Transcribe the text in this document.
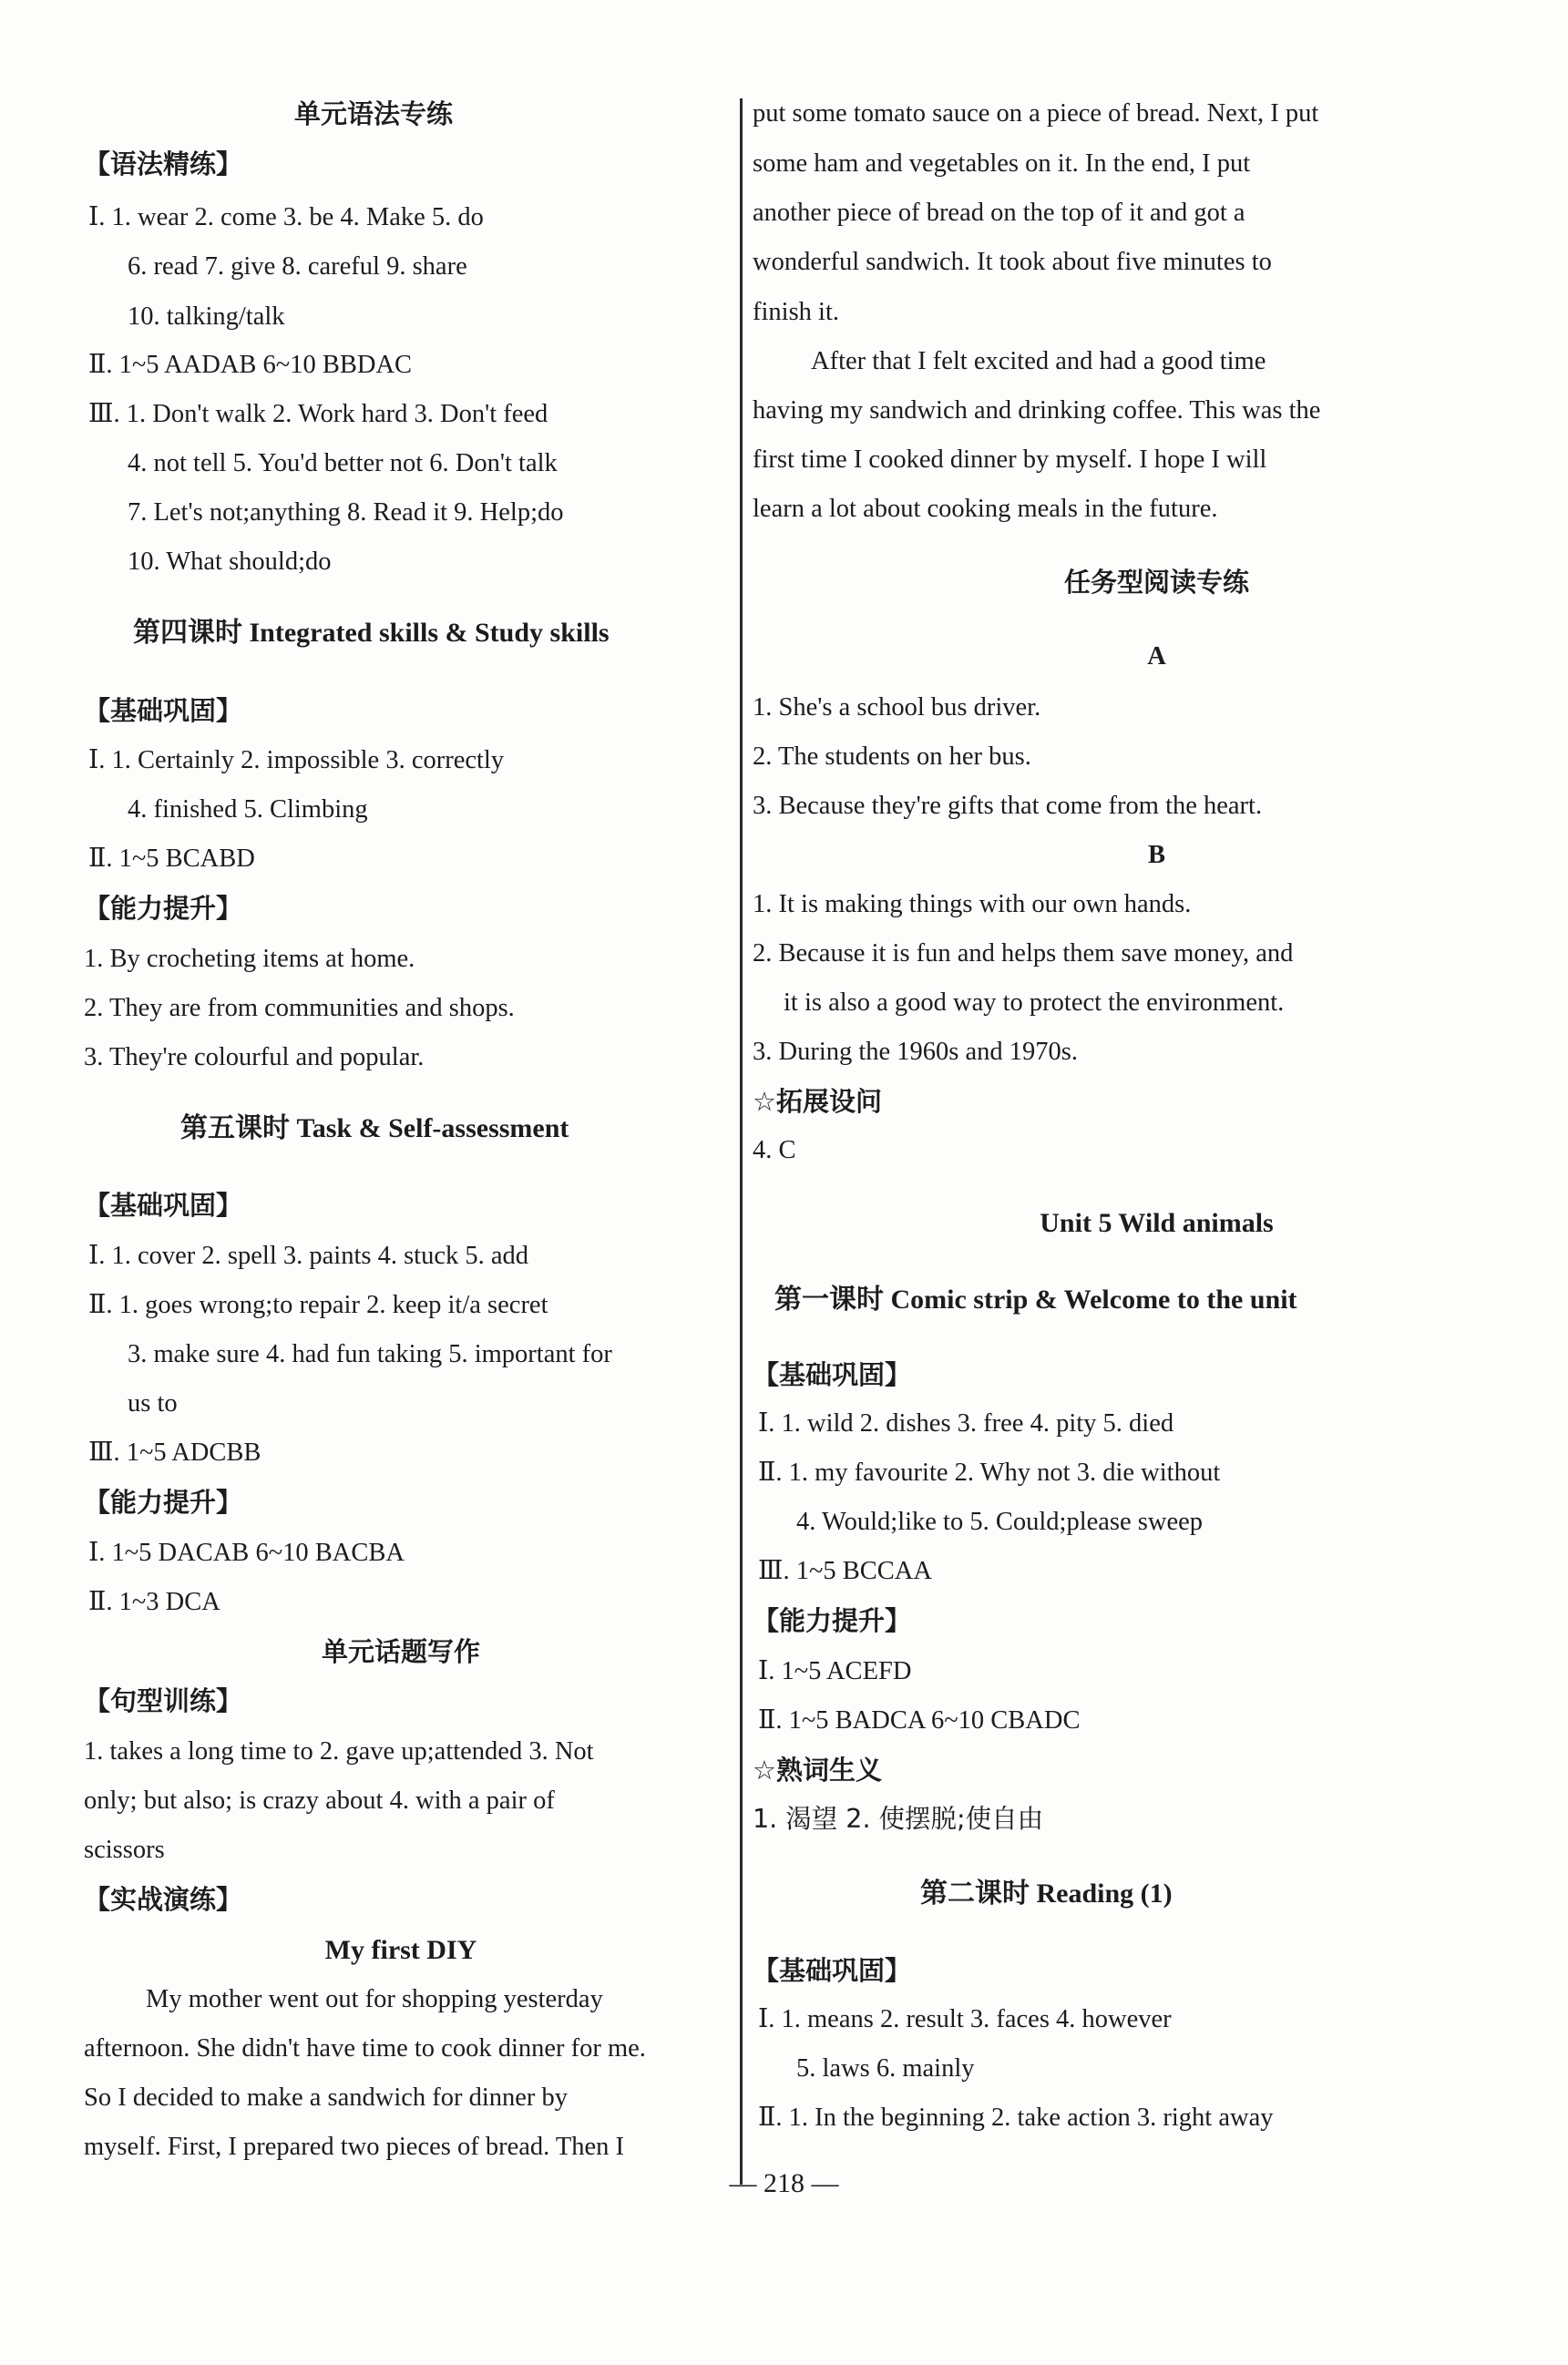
单元语法专练
【语法精练】
Ⅰ. 1. wear 2. come 3. be 4. Make 5. do
6. read 7. give 8. careful 9. share
10. talking/talk
Ⅱ. 1~5 AADAB 6~10 BBDAC
Ⅲ. 1. Don't walk 2. Work hard 3. Don't feed
4. not tell 5. You'd better not 6. Don't talk
7. Let's not;anything 8. Read it 9. Help;do
10. What should;do
第四课时 Integrated skills & Study skills
【基础巩固】
Ⅰ. 1. Certainly 2. impossible 3. correctly
4. finished 5. Climbing
Ⅱ. 1~5 BCABD
【能力提升】
1. By crocheting items at home.
2. They are from communities and shops.
3. They're colourful and popular.
第五课时 Task & Self-assessment
【基础巩固】
Ⅰ. 1. cover 2. spell 3. paints 4. stuck 5. add
Ⅱ. 1. goes wrong;to repair 2. keep it/a secret
3. make sure 4. had fun taking 5. important for
us to
Ⅲ. 1~5 ADCBB
【能力提升】
Ⅰ. 1~5 DACAB 6~10 BACBA
Ⅱ. 1~3 DCA
单元话题写作
【句型训练】
1. takes a long time to 2. gave up;attended 3. Not
only; but also; is crazy about 4. with a pair of
scissors
【实战演练】
My first DIY
My mother went out for shopping yesterday
afternoon. She didn't have time to cook dinner for me.
So I decided to make a sandwich for dinner by
myself. First, I prepared two pieces of bread. Then I
put some tomato sauce on a piece of bread. Next, I put
some ham and vegetables on it. In the end, I put
another piece of bread on the top of it and got a
wonderful sandwich. It took about five minutes to
finish it.
After that I felt excited and had a good time
having my sandwich and drinking coffee. This was the
first time I cooked dinner by myself. I hope I will
learn a lot about cooking meals in the future.
任务型阅读专练
A
1. She's a school bus driver.
2. The students on her bus.
3. Because they're gifts that come from the heart.
B
1. It is making things with our own hands.
2. Because it is fun and helps them save money, and
it is also a good way to protect the environment.
3. During the 1960s and 1970s.
☆拓展设问
4. C
Unit 5 Wild animals
第一课时 Comic strip & Welcome to the unit
【基础巩固】
Ⅰ. 1. wild 2. dishes 3. free 4. pity 5. died
Ⅱ. 1. my favourite 2. Why not 3. die without
4. Would;like to 5. Could;please sweep
Ⅲ. 1~5 BCCAA
【能力提升】
Ⅰ. 1~5 ACEFD
Ⅱ. 1~5 BADCA 6~10 CBADC
☆熟词生义
1. 渴望 2. 使摆脱;使自由
第二课时 Reading (1)
【基础巩固】
Ⅰ. 1. means 2. result 3. faces 4. however
5. laws 6. mainly
Ⅱ. 1. In the beginning 2. take action 3. right away
— 218 —
